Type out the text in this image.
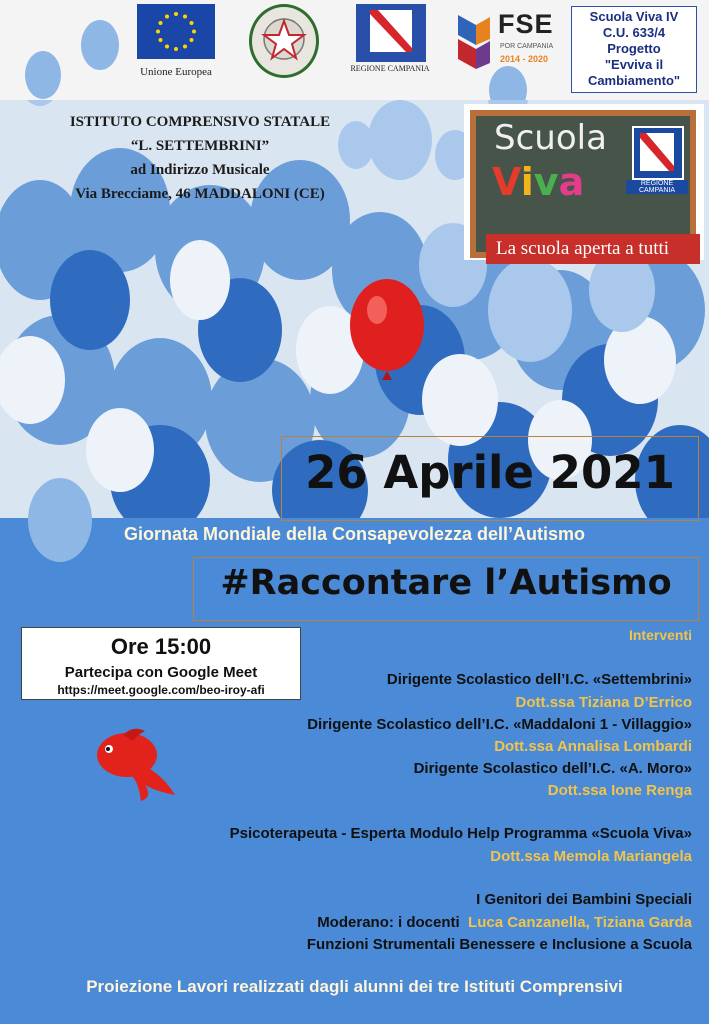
Unione Europea	REGIONE CAMPANIA
FSE
POR CAMPANIA
2014 - 2020
Scuola Viva IV
C.U. 633/4
Progetto
"Evviva il
Cambiamento"
ISTITUTO COMPRENSIVO STATALE
“L. SETTEMBRINI”
ad Indirizzo Musicale
Via Brecciame, 46 MADDALONI (CE)
Scuola
Viva	REGIONE CAMPANIA
La scuola aperta a tutti
26 Aprile 2021
Giornata Mondiale della Consapevolezza dell’Autismo
#Raccontare l’Autismo
Ore 15:00
Partecipa con Google Meet
https://meet.google.com/beo-iroy-afi
Interventi
Dirigente Scolastico dell’I.C. «Settembrini»
Dott.ssa Tiziana D’Errico
Dirigente Scolastico dell’I.C. «Maddaloni 1 - Villaggio»
Dott.ssa Annalisa Lombardi
Dirigente Scolastico dell’I.C. «A. Moro»
Dott.ssa Ione Renga
Psicoterapeuta - Esperta Modulo Help Programma «Scuola Viva»
Dott.ssa Memola Mariangela
I Genitori dei Bambini Speciali
Moderano: i docenti Luca Canzanella, Tiziana Garda
Funzioni Strumentali Benessere e Inclusione a Scuola
Proiezione Lavori realizzati dagli alunni dei tre Istituti Comprensivi
